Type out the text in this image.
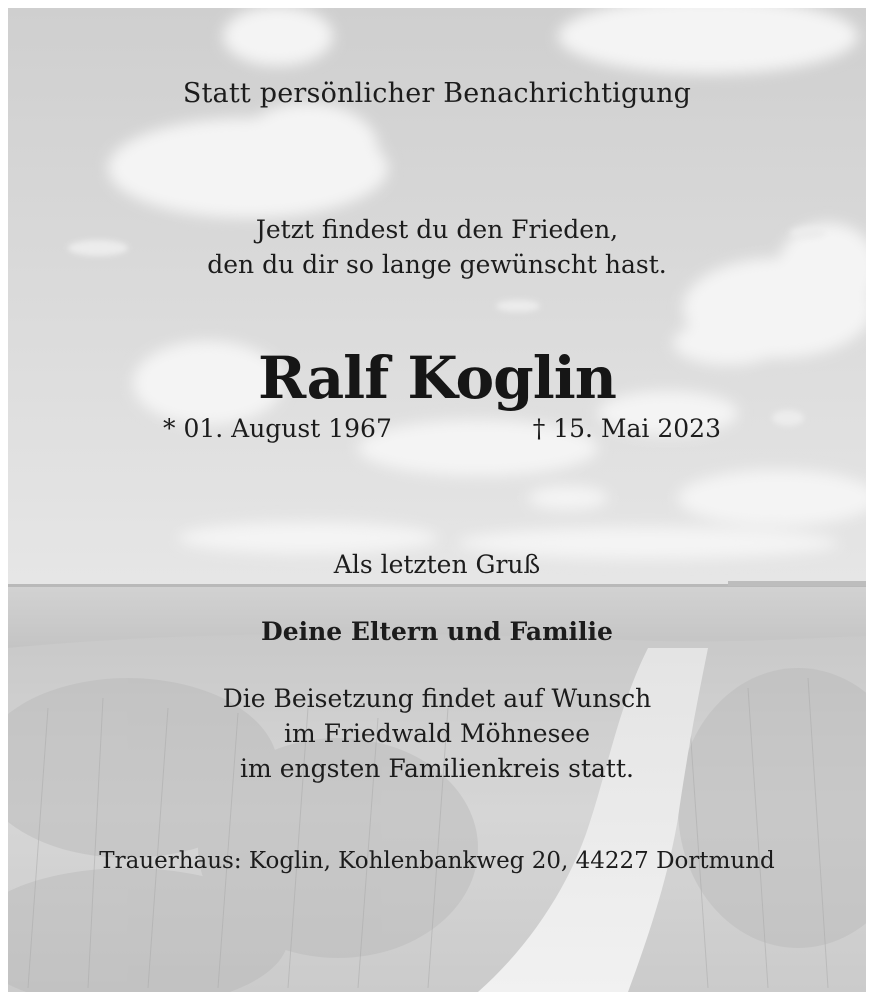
Statt persönlicher Benachrichtigung
Jetzt findest du den Frieden,
den du dir so lange gewünscht hast.
Ralf Koglin
* 01. August 1967	† 15. Mai 2023
Als letzten Gruß
Deine Eltern und Familie
Die Beisetzung findet auf Wunsch
im Friedwald Möhnesee
im engsten Familienkreis statt.
Trauerhaus: Koglin, Kohlenbankweg 20, 44227 Dortmund
